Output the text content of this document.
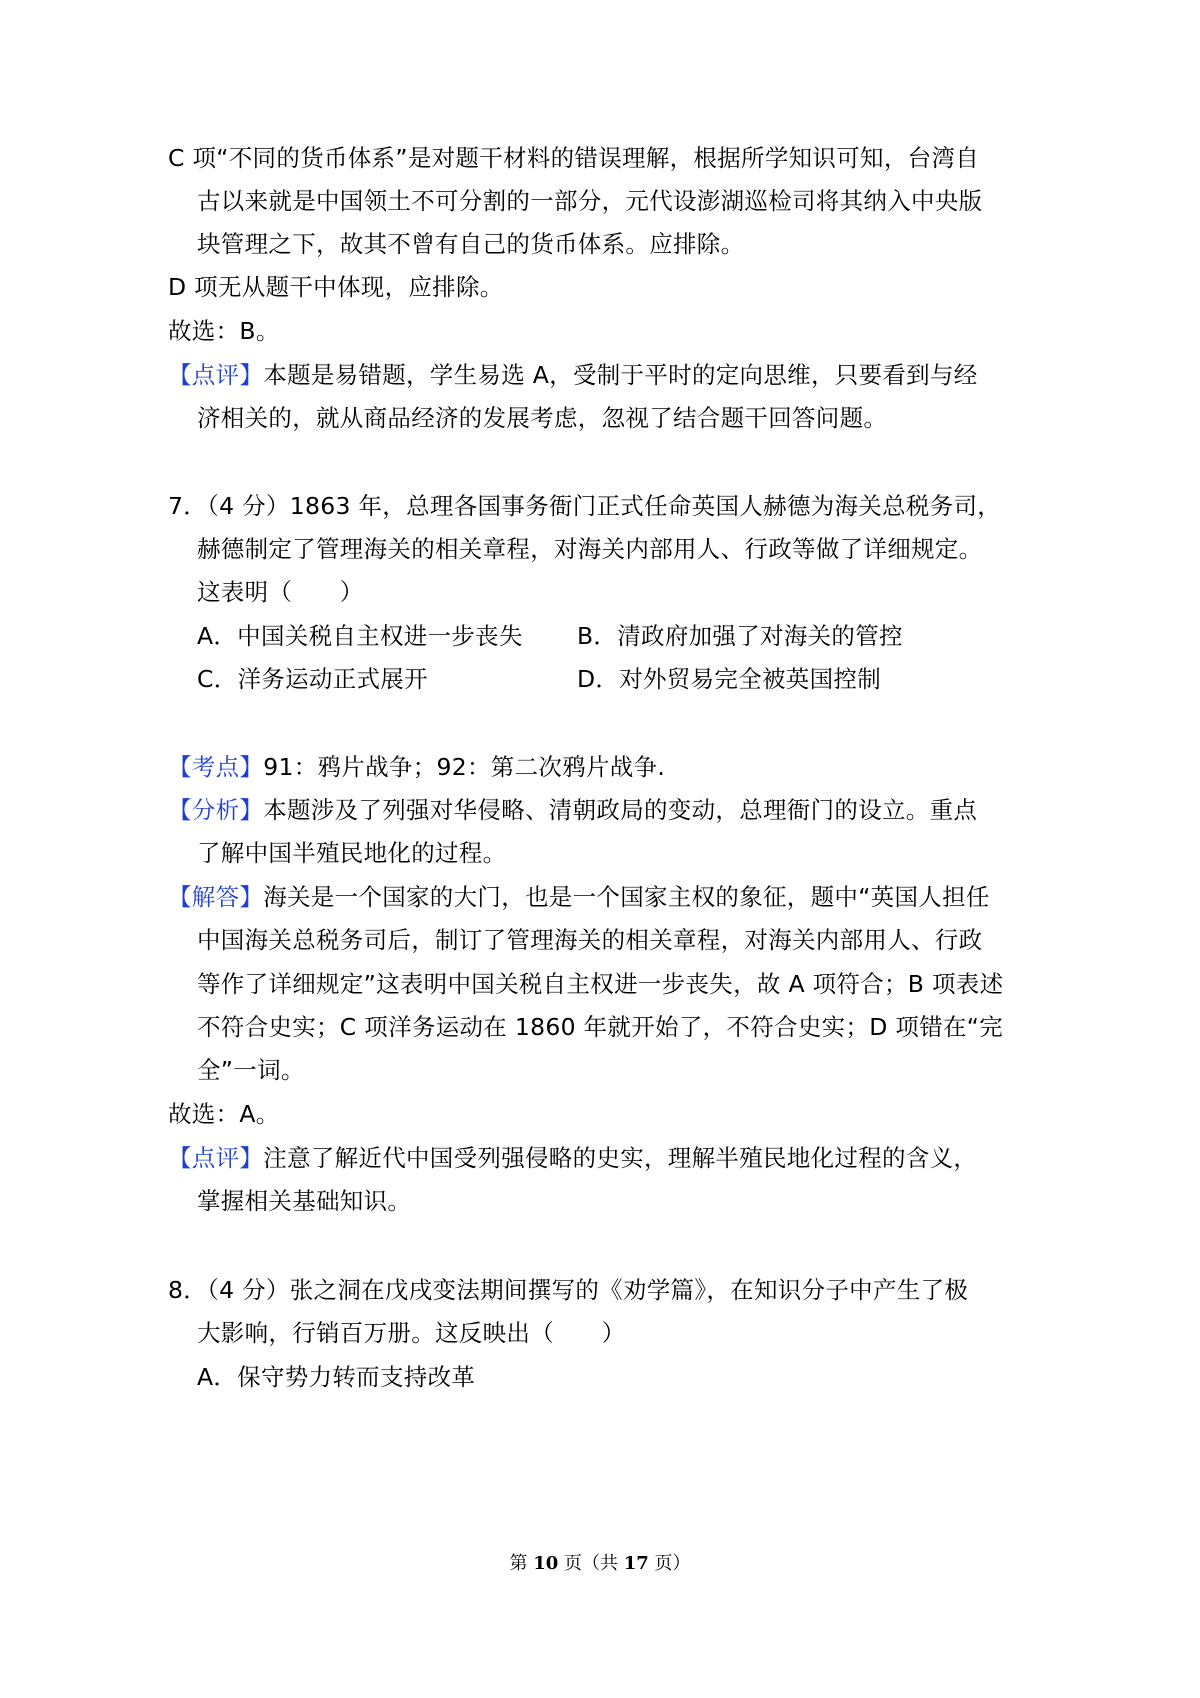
C 项“不同的货币体系”是对题干材料的错误理解，根据所学知识可知，台湾自
古以来就是中国领土不可分割的一部分，元代设澎湖巡检司将其纳入中央版
块管理之下，故其不曾有自己的货币体系。应排除。
D 项无从题干中体现，应排除。
故选：B。
【点评】本题是易错题，学生易选 A，受制于平时的定向思维，只要看到与经
济相关的，就从商品经济的发展考虑，忽视了结合题干回答问题。
7．（4 分）1863 年，总理各国事务衙门正式任命英国人赫德为海关总税务司，
赫德制定了管理海关的相关章程，对海关内部用人、行政等做了详细规定。
这表明（　　）
A．中国关税自主权进一步丧失 B．清政府加强了对海关的管控
C．洋务运动正式展开	D．对外贸易完全被英国控制
【考点】91：鸦片战争；92：第二次鸦片战争.
【分析】本题涉及了列强对华侵略、清朝政局的变动，总理衙门的设立。重点
了解中国半殖民地化的过程。
【解答】海关是一个国家的大门，也是一个国家主权的象征，题中“英国人担任
中国海关总税务司后，制订了管理海关的相关章程，对海关内部用人、行政
等作了详细规定”这表明中国关税自主权进一步丧失，故 A 项符合；B 项表述
不符合史实；C 项洋务运动在 1860 年就开始了，不符合史实；D 项错在“完
全”一词。
故选：A。
【点评】注意了解近代中国受列强侵略的史实，理解半殖民地化过程的含义，
掌握相关基础知识。
8．（4 分）张之洞在戊戌变法期间撰写的《劝学篇》，在知识分子中产生了极
大影响，行销百万册。这反映出（　　）
A．保守势力转而支持改革
第 10 页（共 17 页）
